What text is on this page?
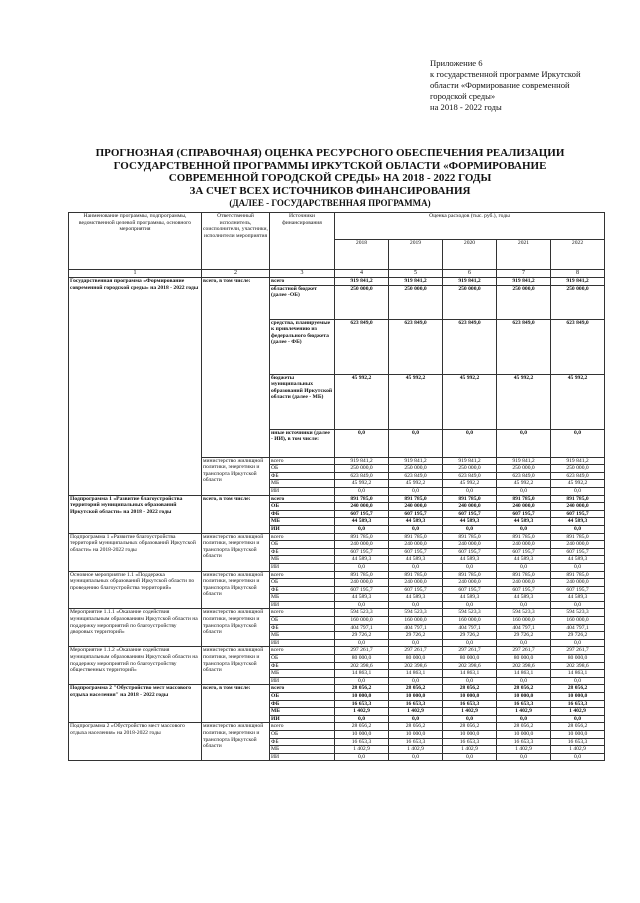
Приложение 6
к государственной программе Иркутской
области «Формирование современной
городской среды»
на 2018 - 2022 годы
ПРОГНОЗНАЯ (СПРАВОЧНАЯ) ОЦЕНКА РЕСУРСНОГО ОБЕСПЕЧЕНИЯ РЕАЛИЗАЦИИ
ГОСУДАРСТВЕННОЙ ПРОГРАММЫ ИРКУТСКОЙ ОБЛАСТИ «ФОРМИРОВАНИЕ
СОВРЕМЕННОЙ ГОРОДСКОЙ СРЕДЫ» НА 2018 - 2022 ГОДЫ
ЗА СЧЕТ ВСЕХ ИСТОЧНИКОВ ФИНАНСИРОВАНИЯ
(ДАЛЕЕ - ГОСУДАРСТВЕННАЯ ПРОГРАММА)
Наименование программы, подпрограммы, ведомственной целевой программы, основного мероприятия	Ответственный исполнитель, соисполнители, участники, исполнители мероприятия	Источники финансирования	Оценка расходов (тыс. руб.), годы				
			2018	2019	2020	2021	2022
1	2	3	4	5	6	7	8
Государственная программа «Формирование современной городской среды» на 2018 - 2022 годы	всего, в том числе:	всего	919 841,2	919 841,2	919 841,2	919 841,2	919 841,2
		областной бюджет (далее -ОБ)	250 000,0	250 000,0	250 000,0	250 000,0	250 000,0
		средства, планируемые к привлечению из федерального бюджета (далее - ФБ)	623 849,0	623 849,0	623 849,0	623 849,0	623 849,0
		бюджеты муниципальных образований Иркутской области (далее - МБ)	45 992,2	45 992,2	45 992,2	45 992,2	45 992,2
		иные источники (далее - ИИ), в том числе:	0,0	0,0	0,0	0,0	0,0
	министерство жилищной политики, энергетики и транспорта Иркутской области	всего	919 841,2	919 841,2	919 841,2	919 841,2	919 841,2
		ОБ	250 000,0	250 000,0	250 000,0	250 000,0	250 000,0
		ФБ	623 849,0	623 849,0	623 849,0	623 849,0	623 849,0
		МБ	45 992,2	45 992,2	45 992,2	45 992,2	45 992,2
		ИИ	0,0	0,0	0,0	0,0	0,0
Подпрограмма 1 «Развитие благоустройства территорий муниципальных образований Иркутской области» на 2018 - 2022 годы	всего, в том числе:	всего	891 785,0	891 785,0	891 785,0	891 785,0	891 785,0
		ОБ	240 000,0	240 000,0	240 000,0	240 000,0	240 000,0
		ФБ	607 195,7	607 195,7	607 195,7	607 195,7	607 195,7
		МБ	44 589,3	44 589,3	44 589,3	44 589,3	44 589,3
		ИИ	0,0	0,0	0,0	0,0	0,0
Подпрограмма 1 «Развитие благоустройства территорий муниципальных образований Иркутской области» на 2018-2022 годы	министерство жилищной политики, энергетики и транспорта Иркутской области	всего	891 785,0	891 785,0	891 785,0	891 785,0	891 785,0
		ОБ	240 000,0	240 000,0	240 000,0	240 000,0	240 000,0
		ФБ	607 195,7	607 195,7	607 195,7	607 195,7	607 195,7
		МБ	44 589,3	44 589,3	44 589,3	44 589,3	44 589,3
		ИИ	0,0	0,0	0,0	0,0	0,0
Основное мероприятие 1.1 «Поддержка муниципальных образований Иркутской области по проведению благоустройства территорий»	министерство жилищной политики, энергетики и транспорта Иркутской области	всего	891 785,0	891 785,0	891 785,0	891 785,0	891 785,0
		ОБ	240 000,0	240 000,0	240 000,0	240 000,0	240 000,0
		ФБ	607 195,7	607 195,7	607 195,7	607 195,7	607 195,7
		МБ	44 589,3	44 589,3	44 589,3	44 589,3	44 589,3
		ИИ	0,0	0,0	0,0	0,0	0,0
Мероприятие 1.1.1 «Оказание содействия муниципальным образованиям Иркутской области на поддержку мероприятий по благоустройству дворовых территорий»	министерство жилищной политики, энергетики и транспорта Иркутской области	всего	594 523,3	594 523,3	594 523,3	594 523,3	594 523,3
		ОБ	160 000,0	160 000,0	160 000,0	160 000,0	160 000,0
		ФБ	404 797,1	404 797,1	404 797,1	404 797,1	404 797,1
		МБ	29 726,2	29 726,2	29 726,2	29 726,2	29 726,2
		ИИ	0,0	0,0	0,0	0,0	0,0
Мероприятие 1.1.2 «Оказание содействия муниципальным образованиям Иркутской области на поддержку мероприятий по благоустройству общественных территорий»	министерство жилищной политики, энергетики и транспорта Иркутской области	всего	297 261,7	297 261,7	297 261,7	297 261,7	297 261,7
		ОБ	80 000,0	80 000,0	80 000,0	80 000,0	80 000,0
		ФБ	202 398,6	202 398,6	202 398,6	202 398,6	202 398,6
		МБ	14 863,1	14 863,1	14 863,1	14 863,1	14 863,1
		ИИ	0,0	0,0	0,0	0,0	0,0
Подпрограмма 2 "Обустройство мест массового отдыха населения" на 2018 - 2022 годы	всего, в том числе:	всего	28 056,2	28 056,2	28 056,2	28 056,2	28 056,2
		ОБ	10 000,0	10 000,0	10 000,0	10 000,0	10 000,0
		ФБ	16 653,3	16 653,3	16 653,3	16 653,3	16 653,3
		МБ	1 402,9	1 402,9	1 402,9	1 402,9	1 402,9
		ИИ	0,0	0,0	0,0	0,0	0,0
Подпрограмма 2 «Обустройство мест массового отдыха населения» на 2018-2022 годы	министерство жилищной политики, энергетики и транспорта Иркутской области	всего	28 056,2	28 056,2	28 056,2	28 056,2	28 056,2
		ОБ	10 000,0	10 000,0	10 000,0	10 000,0	10 000,0
		ФБ	16 653,3	16 653,3	16 653,3	16 653,3	16 653,3
		МБ	1 402,9	1 402,9	1 402,9	1 402,9	1 402,9
		ИИ	0,0	0,0	0,0	0,0	0,0
